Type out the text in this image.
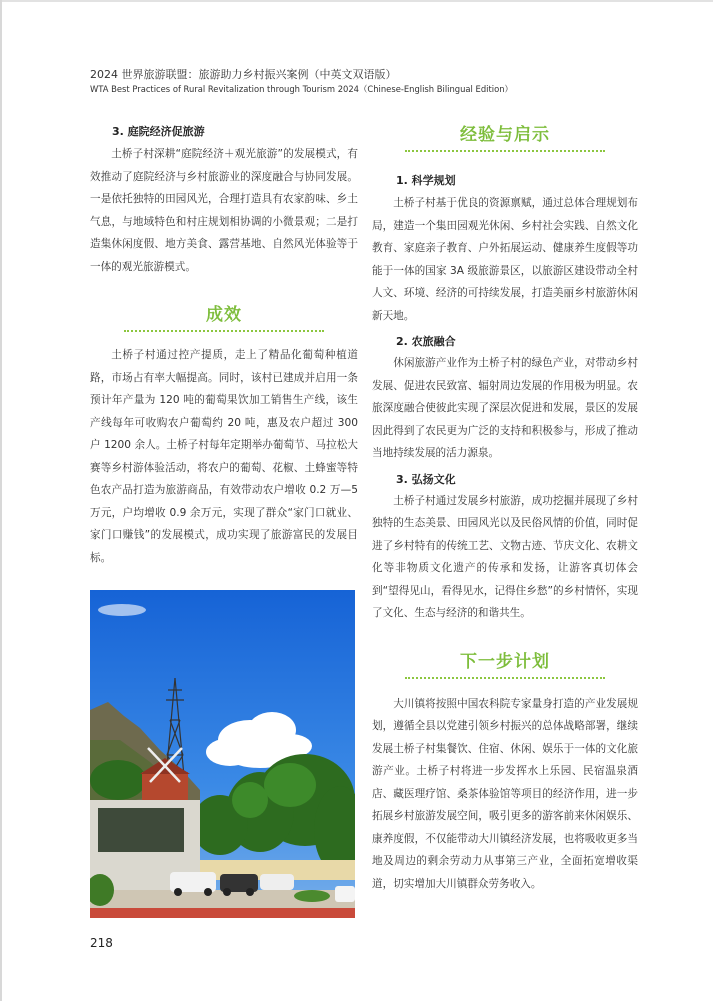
2024 世界旅游联盟：旅游助力乡村振兴案例（中英文双语版）
WTA Best Practices of Rural Revitalization through Tourism 2024（Chinese-English Bilingual Edition）

3. 庭院经济促旅游

土桥子村深耕“庭院经济＋观光旅游”的发展模式，有效推动了庭院经济与乡村旅游业的深度融合与协同发展。一是依托独特的田园风光，合理打造具有农家韵味、乡土气息，与地域特色和村庄规划相协调的小微景观；二是打造集休闲度假、地方美食、露营基地、自然风光体验等于一体的观光旅游模式。

成效

土桥子村通过控产提质，走上了精品化葡萄种植道路，市场占有率大幅提高。同时，该村已建成并启用一条预计年产量为 120 吨的葡萄果饮加工销售生产线，该生产线每年可收购农户葡萄约 20 吨，惠及农户超过 300 户 1200 余人。土桥子村每年定期举办葡萄节、马拉松大赛等乡村游体验活动，将农户的葡萄、花椒、土蜂蜜等特色农产品打造为旅游商品，有效带动农户增收 0.2 万—5 万元，户均增收 0.9 余万元，实现了群众“家门口就业、家门口赚钱”的发展模式，成功实现了旅游富民的发展目标。

经验与启示

1. 科学规划

土桥子村基于优良的资源禀赋，通过总体合理规划布局，建造一个集田园观光休闲、乡村社会实践、自然文化教育、家庭亲子教育、户外拓展运动、健康养生度假等功能于一体的国家 3A 级旅游景区，以旅游区建设带动全村人文、环境、经济的可持续发展，打造美丽乡村旅游休闲新天地。

2. 农旅融合

休闲旅游产业作为土桥子村的绿色产业，对带动乡村发展、促进农民致富、辐射周边发展的作用极为明显。农旅深度融合使彼此实现了深层次促进和发展，景区的发展因此得到了农民更为广泛的支持和积极参与，形成了推动当地持续发展的活力源泉。

3. 弘扬文化

土桥子村通过发展乡村旅游，成功挖掘并展现了乡村独特的生态美景、田园风光以及民俗风情的价值，同时促进了乡村特有的传统工艺、文物古迹、节庆文化、农耕文化等非物质文化遗产的传承和发扬，让游客真切体会到“望得见山，看得见水，记得住乡愁”的乡村情怀，实现了文化、生态与经济的和谐共生。

下一步计划

大川镇将按照中国农科院专家量身打造的产业发展规划，遵循全县以党建引领乡村振兴的总体战略部署，继续发展土桥子村集餐饮、住宿、休闲、娱乐于一体的文化旅游产业。土桥子村将进一步发挥水上乐园、民宿温泉酒店、藏医理疗馆、桑茶体验馆等项目的经济作用，进一步拓展乡村旅游发展空间，吸引更多的游客前来休闲娱乐、康养度假，不仅能带动大川镇经济发展，也将吸收更多当地及周边的剩余劳动力从事第三产业，全面拓宽增收渠道，切实增加大川镇群众劳务收入。

218
